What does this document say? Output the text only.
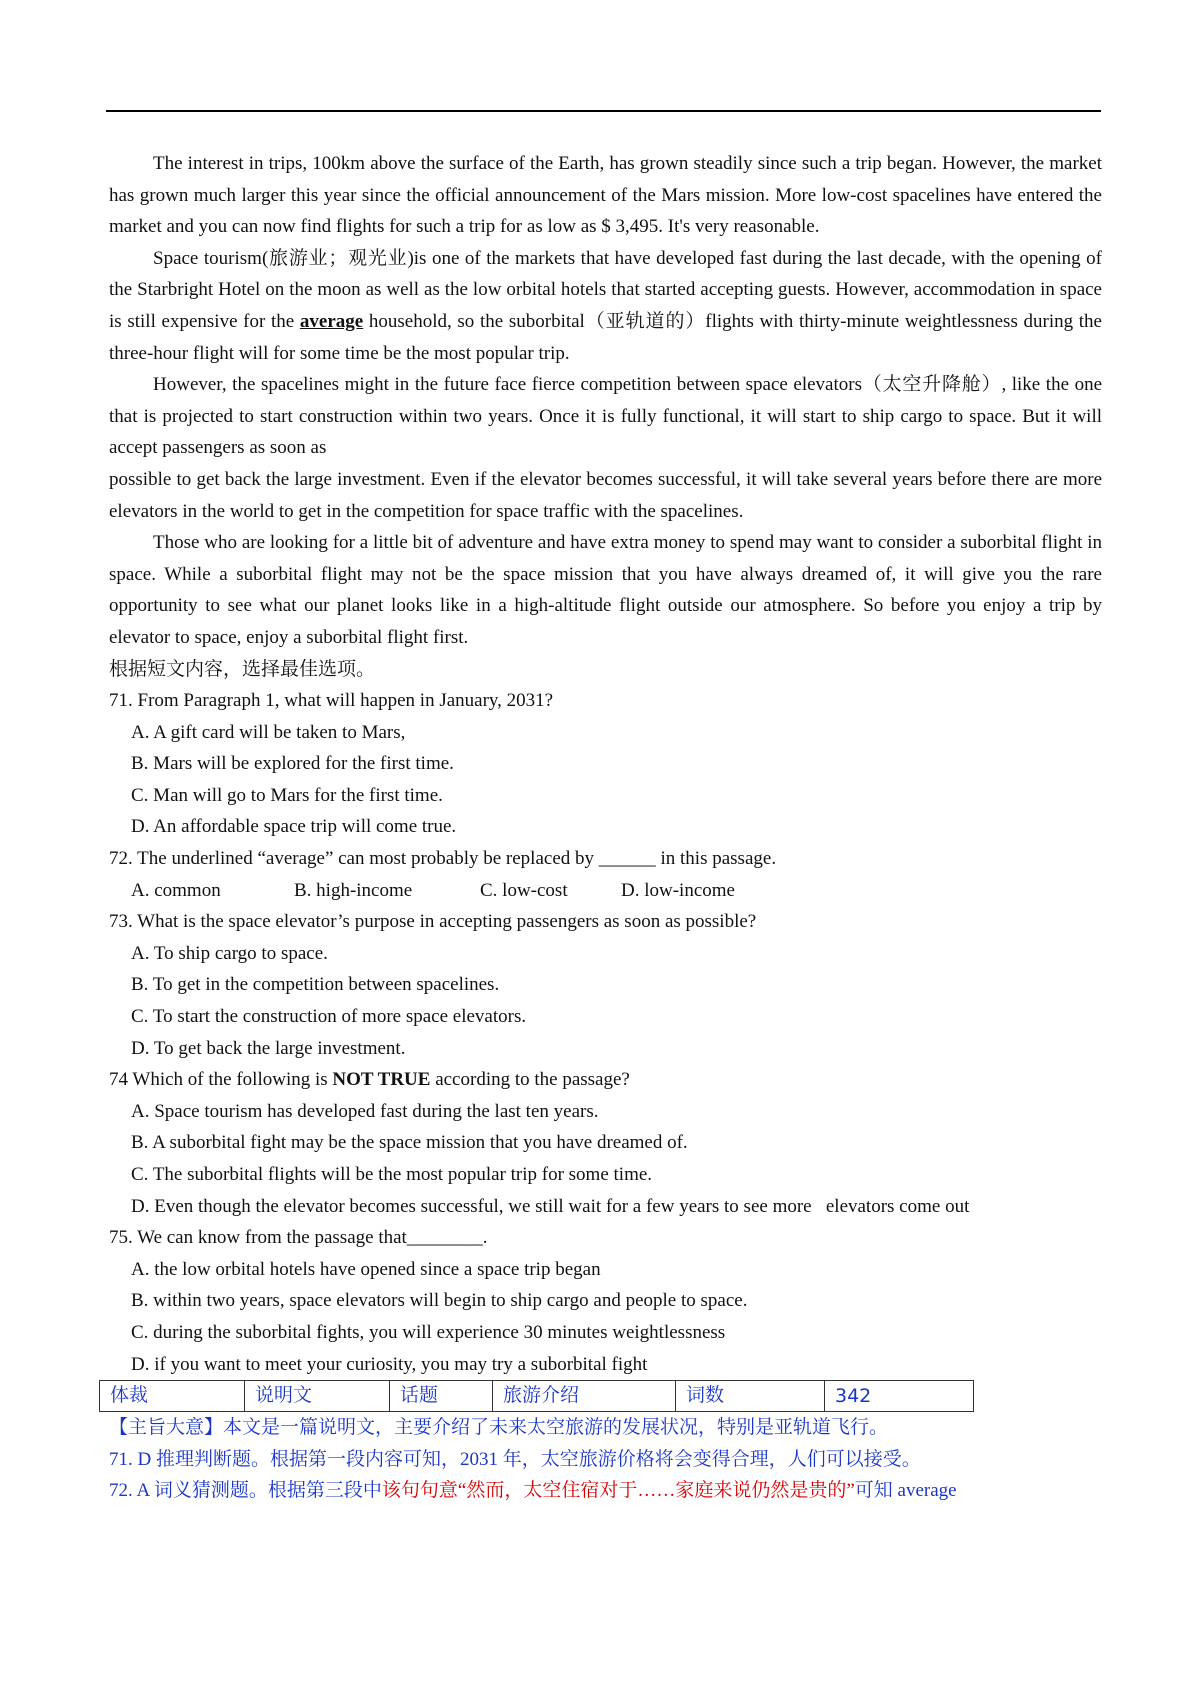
The interest in trips, 100km above the surface of the Earth, has grown steadily since such a trip began. However, the market has grown much larger this year since the official announcement of the Mars mission. More low-cost spacelines have entered the market and you can now find flights for such a trip for as low as $ 3,495. It's very reasonable.

Space tourism(旅游业；观光业)is one of the markets that have developed fast during the last decade, with the opening of the Starbright Hotel on the moon as well as the low orbital hotels that started accepting guests. However, accommodation in space is still expensive for the average household, so the suborbital（亚轨道的）flights with thirty-minute weightlessness during the three-hour flight will for some time be the most popular trip.

However, the spacelines might in the future face fierce competition between space elevators（太空升降舱）, like the one that is projected to start construction within two years. Once it is fully functional, it will start to ship cargo to space. But it will accept passengers as soon as

possible to get back the large investment. Even if the elevator becomes successful, it will take several years before there are more elevators in the world to get in the competition for space traffic with the spacelines.

Those who are looking for a little bit of adventure and have extra money to spend may want to consider a suborbital flight in space. While a suborbital flight may not be the space mission that you have always dreamed of, it will give you the rare opportunity to see what our planet looks like in a high-altitude flight outside our atmosphere. So before you enjoy a trip by elevator to space, enjoy a suborbital flight first.

根据短文内容，选择最佳选项。

71. From Paragraph 1, what will happen in January, 2031?

A. A gift card will be taken to Mars,

B. Mars will be explored for the first time.

C. Man will go to Mars for the first time.

D. An affordable space trip will come true.

72. The underlined “average” can most probably be replaced by ______ in this passage.

A. common	B. high-income	C. low-cost	D. low-income

73. What is the space elevator’s purpose in accepting passengers as soon as possible?

A. To ship cargo to space.

B. To get in the competition between spacelines.

C. To start the construction of more space elevators.

D. To get back the large investment.

74 Which of the following is NOT TRUE according to the passage?

A. Space tourism has developed fast during the last ten years.

B. A suborbital fight may be the space mission that you have dreamed of.

C. The suborbital flights will be the most popular trip for some time.

D. Even though the elevator becomes successful, we still wait for a few years to see more   elevators come out

75. We can know from the passage that________.

A. the low orbital hotels have opened since a space trip began

B. within two years, space elevators will begin to ship cargo and people to space.

C. during the suborbital fights, you will experience 30 minutes weightlessness

D. if you want to meet your curiosity, you may try a suborbital fight

体裁	说明文	话题	旅游介绍	词数	342

【主旨大意】本文是一篇说明文，主要介绍了未来太空旅游的发展状况，特别是亚轨道飞行。

71. D 推理判断题。根据第一段内容可知，2031 年，太空旅游价格将会变得合理，人们可以接受。

72. A 词义猜测题。根据第三段中该句句意“然而，太空住宿对于……家庭来说仍然是贵的”可知 average
